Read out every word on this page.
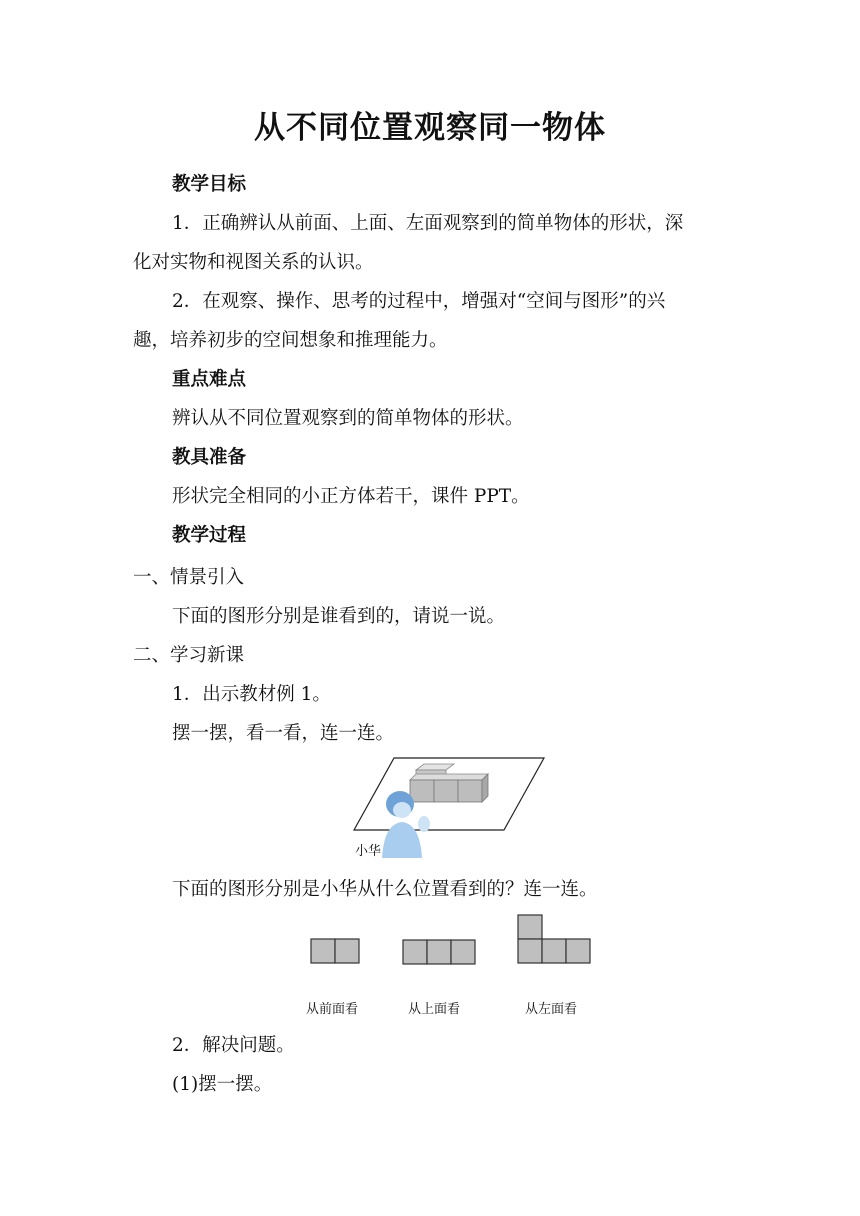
从不同位置观察同一物体
教学目标
1．正确辨认从前面、上面、左面观察到的简单物体的形状，深
化对实物和视图关系的认识。
2．在观察、操作、思考的过程中，增强对“空间与图形”的兴
趣，培养初步的空间想象和推理能力。
重点难点
辨认从不同位置观察到的简单物体的形状。
教具准备
形状完全相同的小正方体若干，课件 PPT。
教学过程
一、情景引入
下面的图形分别是谁看到的，请说一说。
二、学习新课
1．出示教材例 1。
摆一摆，看一看，连一连。
小华
下面的图形分别是小华从什么位置看到的？连一连。
从前面看	从上面看	从左面看
2．解决问题。
(1)摆一摆。
